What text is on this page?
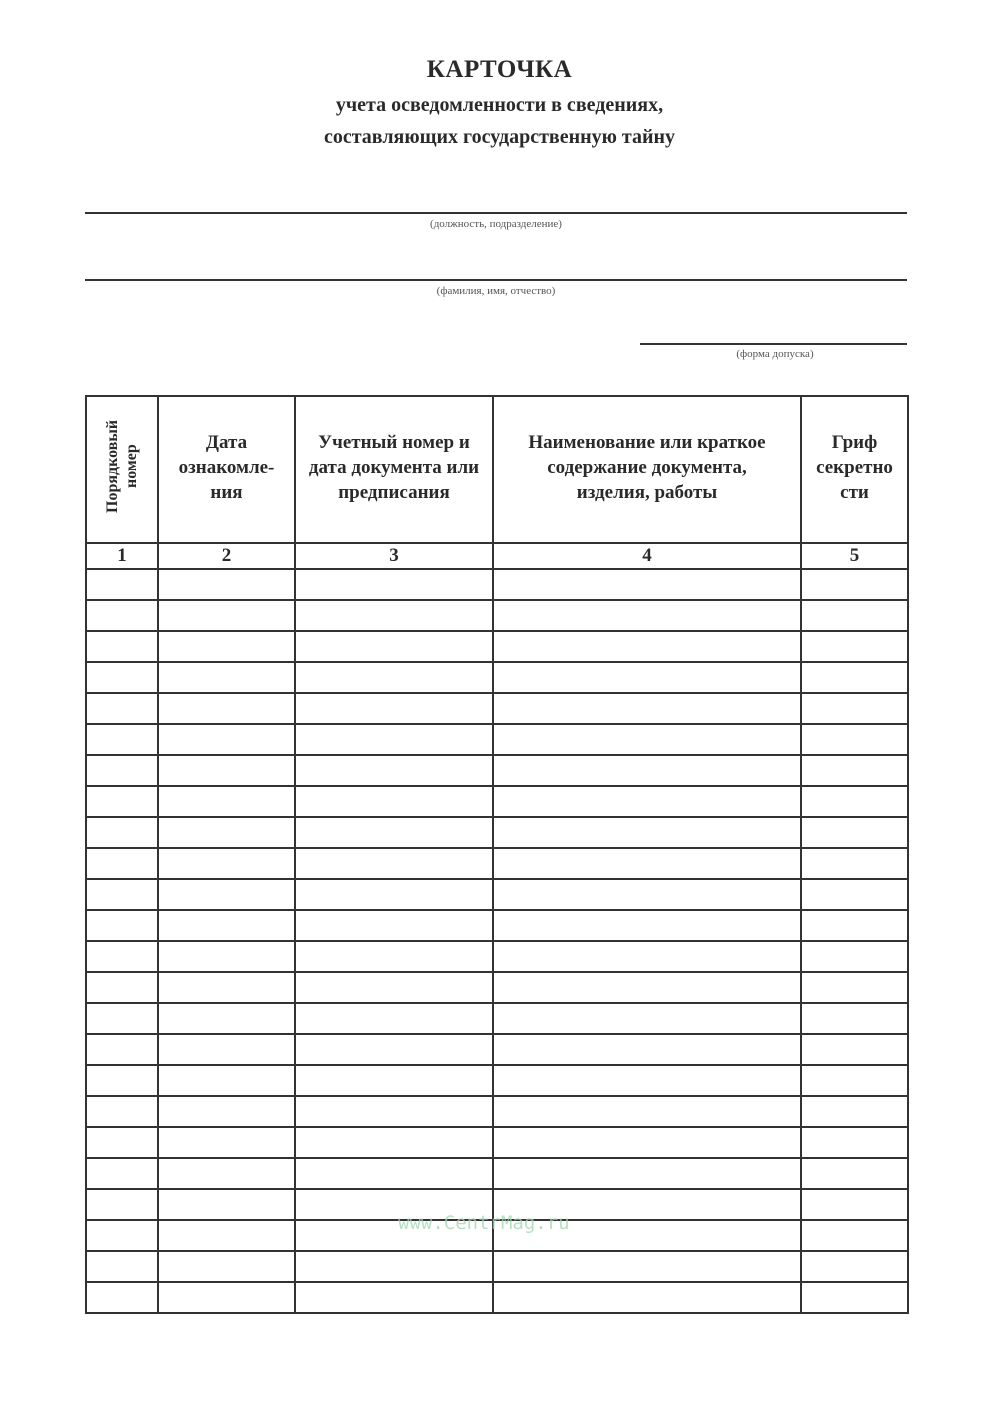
КАРТОЧКА
учета осведомленности в сведениях,
составляющих государственную тайну
(должность, подразделение)
(фамилия, имя, отчество)
(форма допуска)
Порядковый номер	Дата ознакомле-ния	Учетный номер и дата документа или предписания	Наименование или краткое содержание документа, изделия, работы	Гриф секретно сти
1	2	3	4	5

www.CentrMag.ru
